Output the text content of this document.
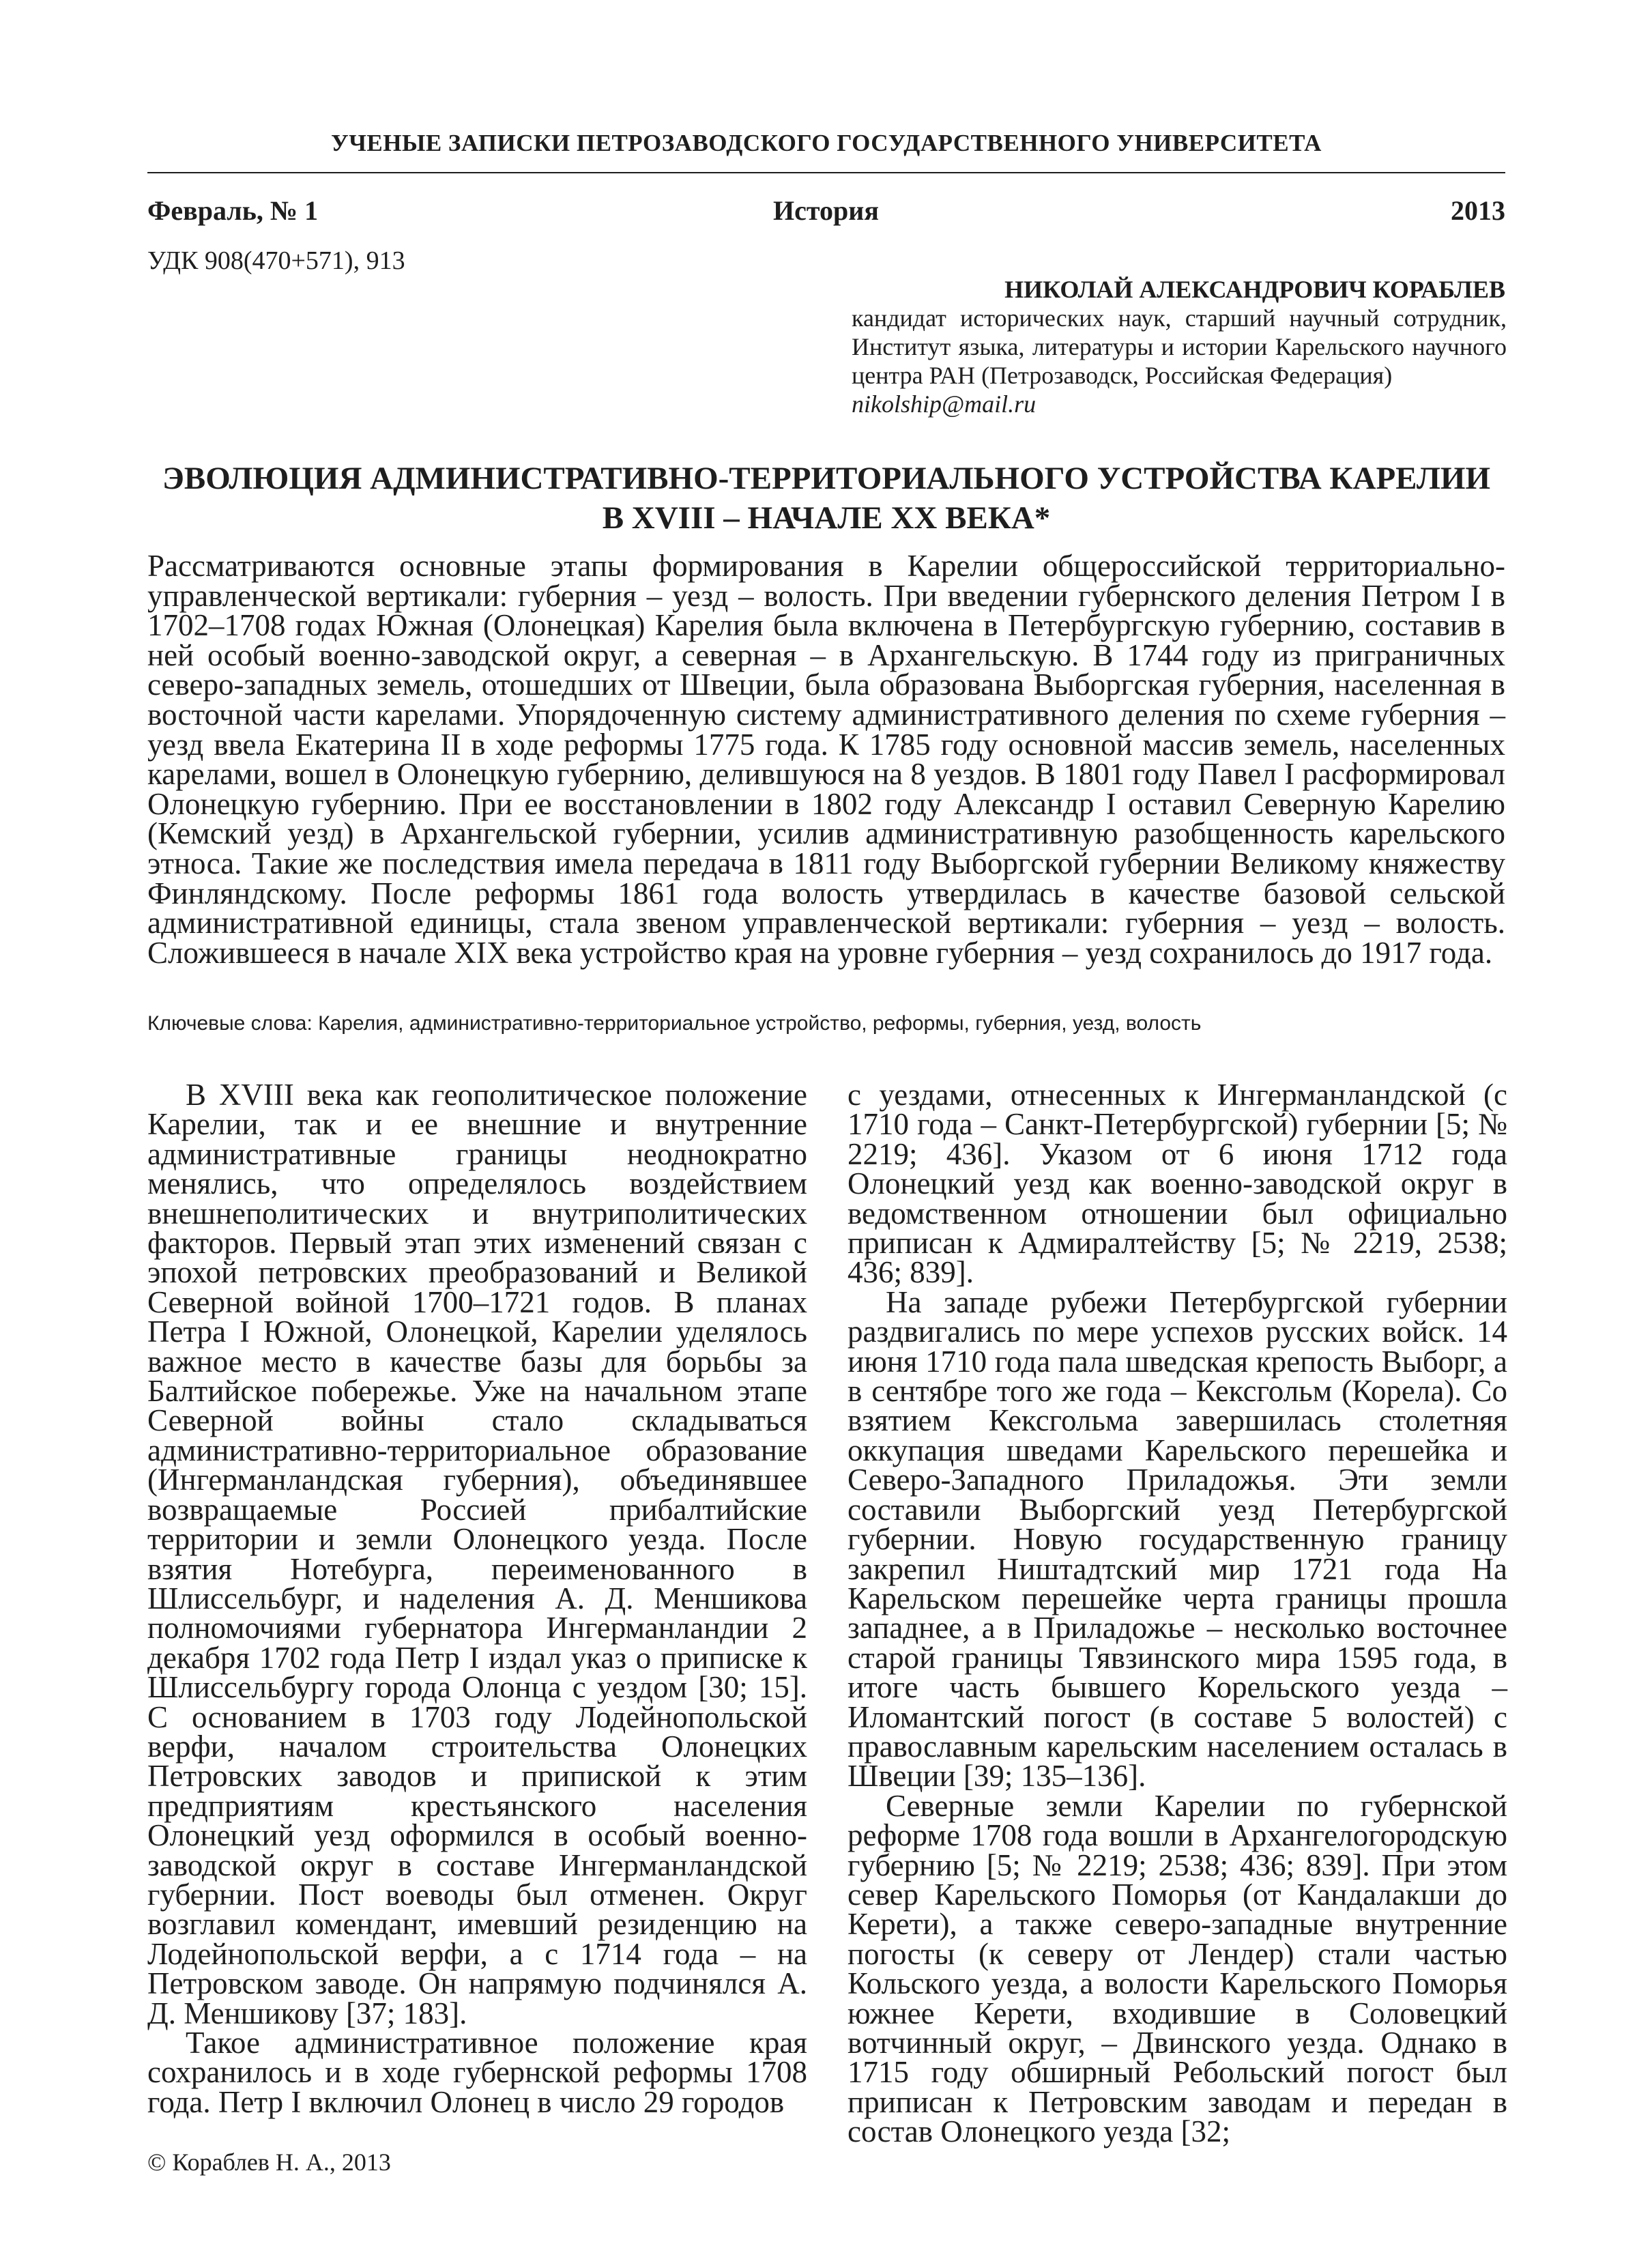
УЧЕНЫЕ ЗАПИСКИ ПЕТРОЗАВОДСКОГО ГОСУДАРСТВЕННОГО УНИВЕРСИТЕТА
Февраль, № 1	История	2013
УДК 908(470+571), 913
НИКОЛАЙ АЛЕКСАНДРОВИЧ КОРАБЛЕВ
кандидат исторических наук, старший научный сотрудник, Институт языка, литературы и истории Карельского научного центра РАН (Петрозаводск, Российская Федерация)
nikolship@mail.ru
ЭВОЛЮЦИЯ АДМИНИСТРАТИВНО-ТЕРРИТОРИАЛЬНОГО УСТРОЙСТВА КАРЕЛИИ
В XVIII – НАЧАЛЕ XX ВЕКА*
Рассматриваются основные этапы формирования в Карелии общероссийской территориально-управленческой вертикали: губерния – уезд – волость. При введении губернского деления Петром I в 1702–1708 годах Южная (Олонецкая) Карелия была включена в Петербургскую губернию, составив в ней особый военно-заводской округ, а северная – в Архангельскую. В 1744 году из приграничных северо-западных земель, отошедших от Швеции, была образована Выборгская губерния, населенная в восточной части карелами. Упорядоченную систему административного деления по схеме губерния – уезд ввела Екатерина II в ходе реформы 1775 года. К 1785 году основной массив земель, населенных карелами, вошел в Олонецкую губернию, делившуюся на 8 уездов. В 1801 году Павел I расформировал Олонецкую губернию. При ее восстановлении в 1802 году Александр I оставил Северную Карелию (Кемский уезд) в Архангельской губернии, усилив административную разобщенность карельского этноса. Такие же последствия имела передача в 1811 году Выборгской губернии Великому княжеству Финляндскому. После реформы 1861 года волость утвердилась в качестве базовой сельской административной единицы, стала звеном управленческой вертикали: губерния – уезд – волость. Сложившееся в начале XIX века устройство края на уровне губерния – уезд сохранилось до 1917 года.
Ключевые слова: Карелия, административно-территориальное устройство, реформы, губерния, уезд, волость

В XVIII века как геополитическое положение Карелии, так и ее внешние и внутренние административные границы неоднократно менялись, что определялось воздействием внешнеполитических и внутриполитических факторов. Первый этап этих изменений связан с эпохой петровских преобразований и Великой Северной войной 1700–1721 годов. В планах Петра I Южной, Олонецкой, Карелии уделялось важное место в качестве базы для борьбы за Балтийское побережье. Уже на начальном этапе Северной войны стало складываться административно-территориальное образование (Ингерманландская губерния), объединявшее возвращаемые Россией прибалтийские территории и земли Олонецкого уезда. После взятия Нотебурга, переименованного в Шлиссельбург, и наделения А. Д. Меншикова полномочиями губернатора Ингерманландии 2 декабря 1702 года Петр I издал указ о приписке к Шлиссельбургу города Олонца с уездом [30; 15]. С основанием в 1703 году Лодейнопольской верфи, началом строительства Олонецких Петровских заводов и припиской к этим предприятиям крестьянского населения Олонецкий уезд оформился в особый военно-заводской округ в составе Ингерманландской губернии. Пост воеводы был отменен. Округ возглавил комендант, имевший резиденцию на Лодейнопольской верфи, а с 1714 года – на Петровском заводе. Он напрямую подчинялся А. Д. Меншикову [37; 183].

Такое административное положение края сохранилось и в ходе губернской реформы 1708 года. Петр I включил Олонец в число 29 городов

с уездами, отнесенных к Ингерманландской (с 1710 года – Санкт-Петербургской) губернии [5; № 2219; 436]. Указом от 6 июня 1712 года Олонецкий уезд как военно-заводской округ в ведомственном отношении был официально приписан к Адмиралтейству [5; № 2219, 2538; 436; 839].

На западе рубежи Петербургской губернии раздвигались по мере успехов русских войск. 14 июня 1710 года пала шведская крепость Выборг, а в сентябре того же года – Кексгольм (Корела). Со взятием Кексгольма завершилась столетняя оккупация шведами Карельского перешейка и Северо-Западного Приладожья. Эти земли составили Выборгский уезд Петербургской губернии. Новую государственную границу закрепил Ништадтский мир 1721 года На Карельском перешейке черта границы прошла западнее, а в Приладожье – несколько восточнее старой границы Тявзинского мира 1595 года, в итоге часть бывшего Корельского уезда – Иломантский погост (в составе 5 волостей) с православным карельским населением осталась в Швеции [39; 135–136].

Северные земли Карелии по губернской реформе 1708 года вошли в Архангелогородскую губернию [5; № 2219; 2538; 436; 839]. При этом север Карельского Поморья (от Кандалакши до Керети), а также северо-западные внутренние погосты (к северу от Лендер) стали частью Кольского уезда, а волости Карельского Поморья южнее Керети, входившие в Соловецкий вотчинный округ, – Двинского уезда. Однако в 1715 году обширный Ребольский погост был приписан к Петровским заводам и передан в состав Олонецкого уезда [32;

© Кораблев Н. А., 2013
